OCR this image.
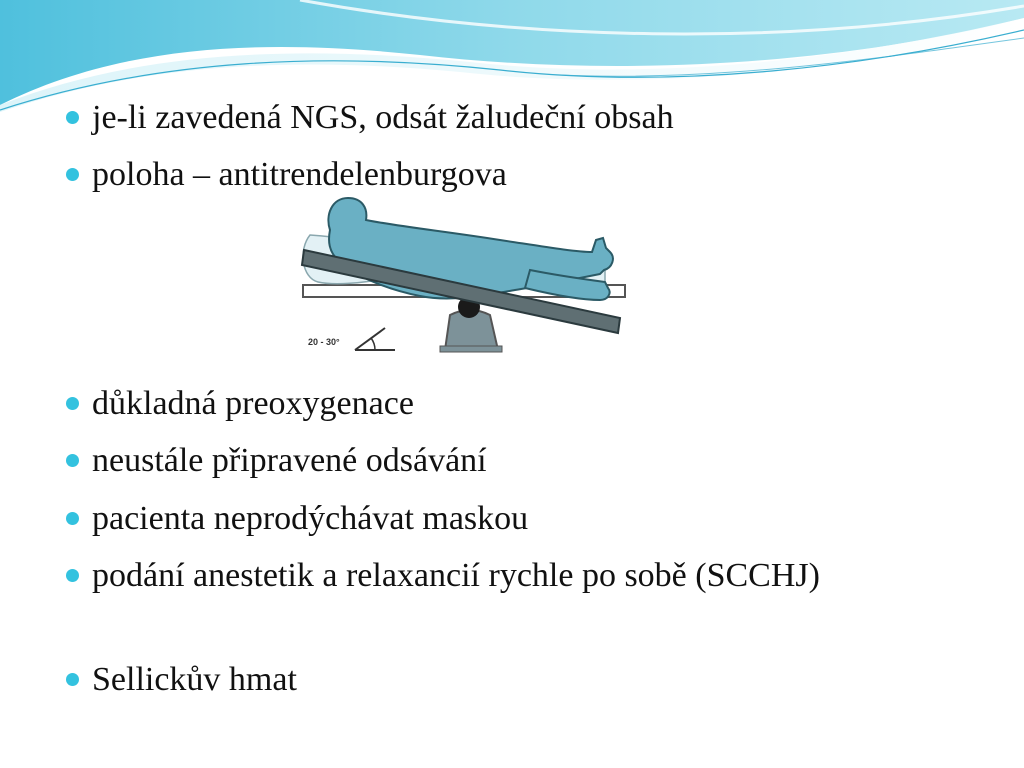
je-li zavedená NGS, odsát žaludeční obsah
poloha – antitrendelenburgova
důkladná preoxygenace
neustále připravené odsávání
pacienta neprodýchávat maskou
podání anestetik a relaxancií rychle po sobě (SCCHJ)
Sellickův hmat
20 - 30°
